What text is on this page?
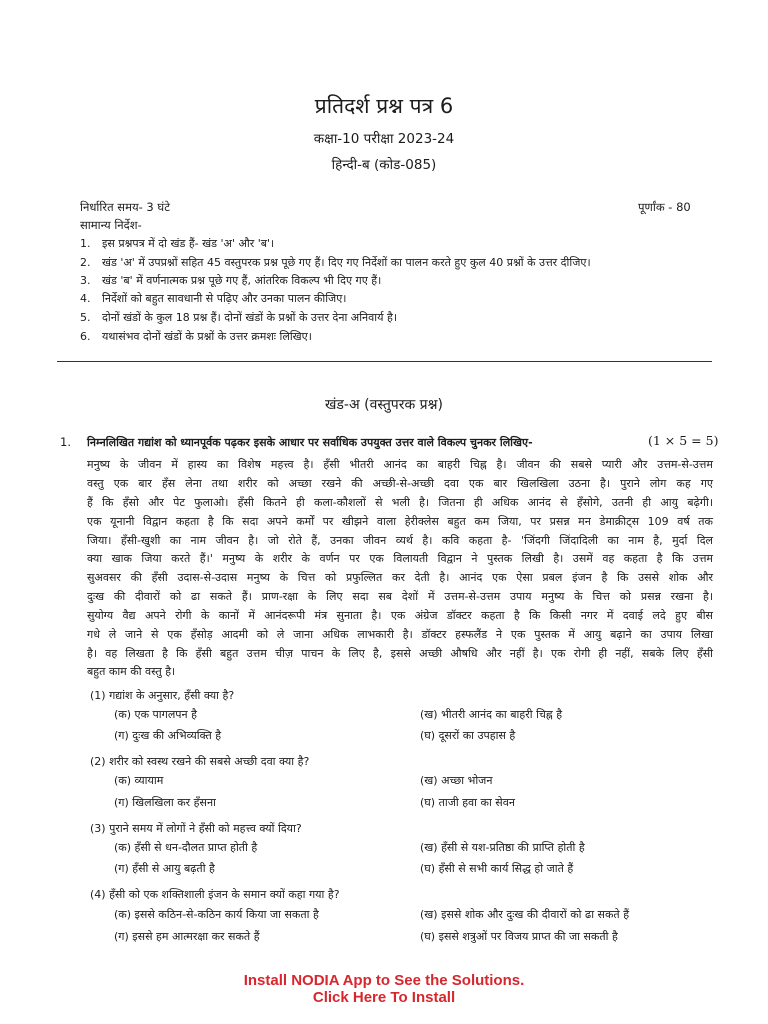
प्रतिदर्श प्रश्न पत्र 6
कक्षा-10 परीक्षा 2023-24
हिन्दी-ब (कोड-085)
निर्धारित समय- 3 घंटे	पूर्णांक - 80
सामान्य निर्देश-
1. इस प्रश्नपत्र में दो खंड हैं- खंड 'अ' और 'ब'।
2. खंड 'अ' में उपप्रश्नों सहित 45 वस्तुपरक प्रश्न पूछे गए हैं। दिए गए निर्देशों का पालन करते हुए कुल 40 प्रश्नों के उत्तर दीजिए।
3. खंड 'ब' में वर्णनात्मक प्रश्न पूछे गए हैं, आंतरिक विकल्प भी दिए गए हैं।
4. निर्देशों को बहुत सावधानी से पढ़िए और उनका पालन कीजिए।
5. दोनों खंडों के कुल 18 प्रश्न हैं। दोनों खंडों के प्रश्नों के उत्तर देना अनिवार्य है।
6. यथासंभव दोनों खंडों के प्रश्नों के उत्तर क्रमशः लिखिए।
खंड-अ (वस्तुपरक प्रश्न)
1. निम्नलिखित गद्यांश को ध्यानपूर्वक पढ़कर इसके आधार पर सर्वाधिक उपयुक्त उत्तर वाले विकल्प चुनकर लिखिए-	(1 × 5 = 5)
मनुष्य के जीवन में हास्य का विशेष महत्त्व है। हँसी भीतरी आनंद का बाहरी चिह्न है। जीवन की सबसे प्यारी और उत्तम-से-उत्तम
वस्तु एक बार हँस लेना तथा शरीर को अच्छा रखने की अच्छी-से-अच्छी दवा एक बार खिलखिला उठना है। पुराने लोग कह गए
हैं कि हँसो और पेट फुलाओ। हँसी कितने ही कला-कौशलों से भली है। जितना ही अधिक आनंद से हँसोगे, उतनी ही आयु बढ़ेगी।
एक यूनानी विद्वान कहता है कि सदा अपने कर्मों पर खीझने वाला हेरीक्लेस बहुत कम जिया, पर प्रसन्न मन डेमाक्रीट्स 109 वर्ष तक
जिया। हँसी-खुशी का नाम जीवन है। जो रोते हैं, उनका जीवन व्यर्थ है। कवि कहता है- 'जिंदगी जिंदादिली का नाम है, मुर्दा दिल
क्या खाक जिया करते हैं।' मनुष्य के शरीर के वर्णन पर एक विलायती विद्वान ने पुस्तक लिखी है। उसमें वह कहता है कि उत्तम
सुअवसर की हँसी उदास-से-उदास मनुष्य के चित्त को प्रफुल्लित कर देती है। आनंद एक ऐसा प्रबल इंजन है कि उससे शोक और
दुःख की दीवारों को ढा सकते हैं। प्राण-रक्षा के लिए सदा सब देशों में उत्तम-से-उत्तम उपाय मनुष्य के चित्त को प्रसन्न रखना है।
सुयोग्य वैद्य अपने रोगी के कानों में आनंदरूपी मंत्र सुनाता है। एक अंग्रेज डॉक्टर कहता है कि किसी नगर में दवाई लदे हुए बीस
गधे ले जाने से एक हँसोड़ आदमी को ले जाना अधिक लाभकारी है। डॉक्टर हस्फलैंड ने एक पुस्तक में आयु बढ़ाने का उपाय लिखा
है। वह लिखता है कि हँसी बहुत उत्तम चीज़ पाचन के लिए है, इससे अच्छी औषधि और नहीं है। एक रोगी ही नहीं, सबके लिए हँसी
बहुत काम की वस्तु है।
(1) गद्यांश के अनुसार, हँसी क्या है?
(क) एक पागलपन है	(ख) भीतरी आनंद का बाहरी चिह्न है
(ग) दुःख की अभिव्यक्ति है	(घ) दूसरों का उपहास है
(2) शरीर को स्वस्थ रखने की सबसे अच्छी दवा क्या है?
(क) व्यायाम	(ख) अच्छा भोजन
(ग) खिलखिला कर हँसना	(घ) ताजी हवा का सेवन
(3) पुराने समय में लोगों ने हँसी को महत्त्व क्यों दिया?
(क) हँसी से धन-दौलत प्राप्त होती है	(ख) हँसी से यश-प्रतिष्ठा की प्राप्ति होती है
(ग) हँसी से आयु बढ़ती है	(घ) हँसी से सभी कार्य सिद्ध हो जाते हैं
(4) हँसी को एक शक्तिशाली इंजन के समान क्यों कहा गया है?
(क) इससे कठिन-से-कठिन कार्य किया जा सकता है	(ख) इससे शोक और दुःख की दीवारों को ढा सकते हैं
(ग) इससे हम आत्मरक्षा कर सकते हैं	(घ) इससे शत्रुओं पर विजय प्राप्त की जा सकती है
Install NODIA App to See the Solutions.
Click Here To Install
